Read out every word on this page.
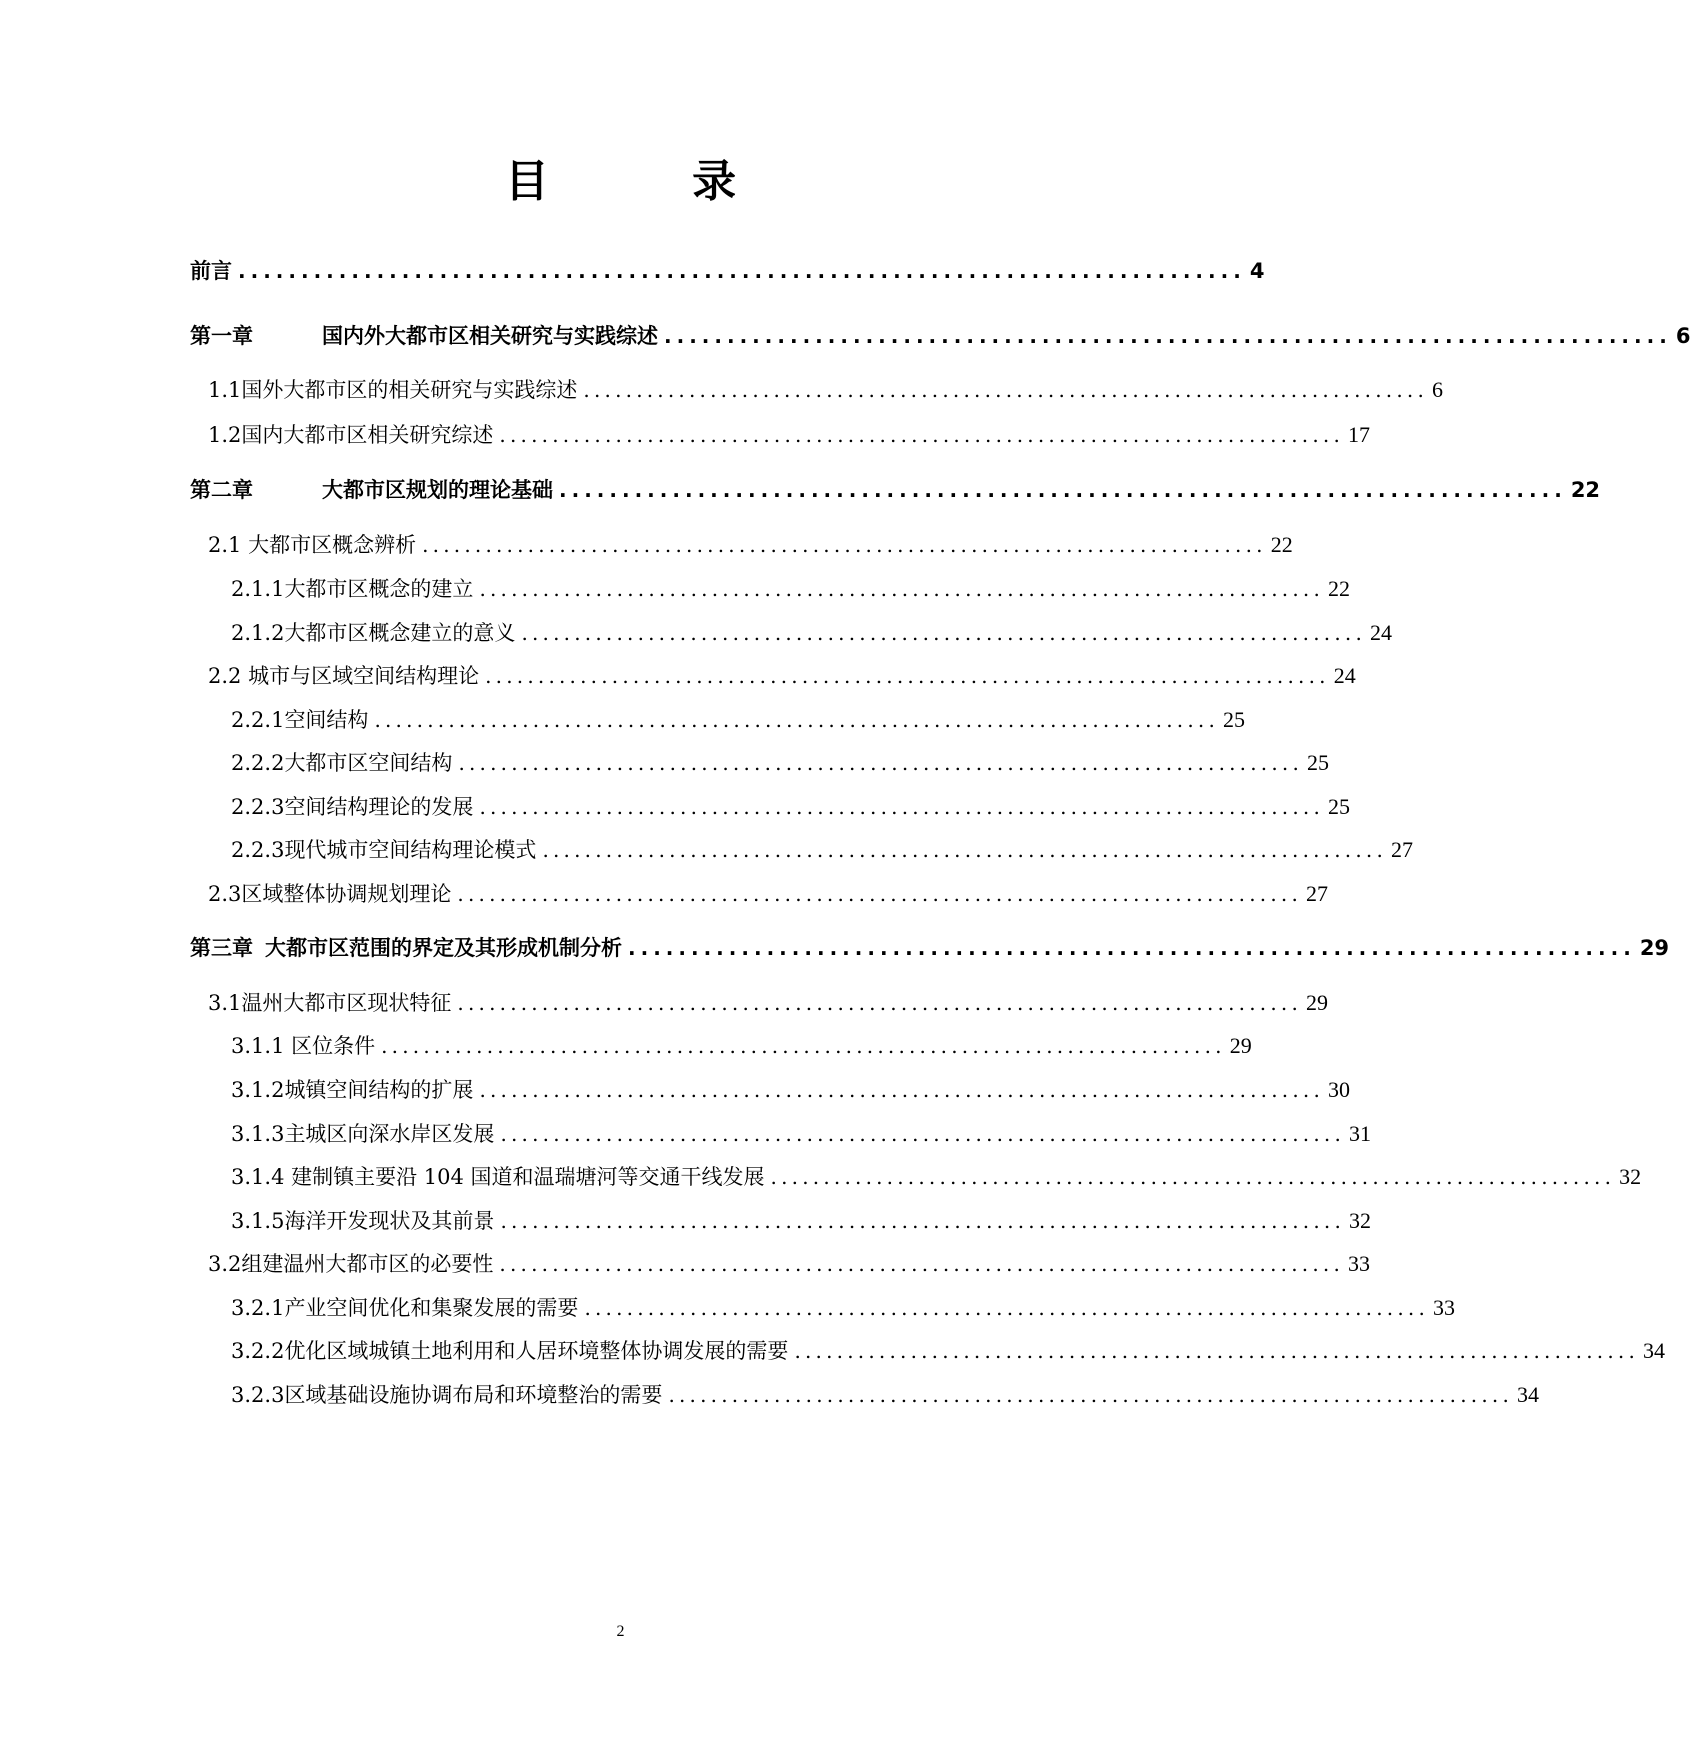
目 录
前言 ................................................................................ 4
第一章	国内外大都市区相关研究与实践综述 ................................................................................ 6
1.1 国外大都市区的相关研究与实践综述 ................................................................................ 6
1.2 国内大都市区相关研究综述 ................................................................................ 17
第二章	大都市区规划的理论基础 ................................................................................ 22
2.1 大都市区概念辨析 ................................................................................ 22
2.1.1 大都市区概念的建立 ................................................................................ 22
2.1.2 大都市区概念建立的意义 ................................................................................ 24
2.2 城市与区域空间结构理论 ................................................................................ 24
2.2.1 空间结构 ................................................................................ 25
2.2.2 大都市区空间结构 ................................................................................ 25
2.2.3 空间结构理论的发展 ................................................................................ 25
2.2.3 现代城市空间结构理论模式 ................................................................................ 27
2.3 区域整体协调规划理论 ................................................................................ 27
第三章 大都市区范围的界定及其形成机制分析 ................................................................................ 29
3.1 温州大都市区现状特征 ................................................................................ 29
3.1.1 区位条件 ................................................................................ 29
3.1.2 城镇空间结构的扩展 ................................................................................ 30
3.1.3 主城区向深水岸区发展 ................................................................................ 31
3.1.4 建制镇主要沿 104 国道和温瑞塘河等交通干线发展 ................................................................................ 32
3.1.5 海洋开发现状及其前景 ................................................................................ 32
3.2 组建温州大都市区的必要性 ................................................................................ 33
3.2.1 产业空间优化和集聚发展的需要 ................................................................................ 33
3.2.2 优化区域城镇土地利用和人居环境整体协调发展的需要 ................................................................................ 34
3.2.3 区域基础设施协调布局和环境整治的需要 ................................................................................ 34
2
